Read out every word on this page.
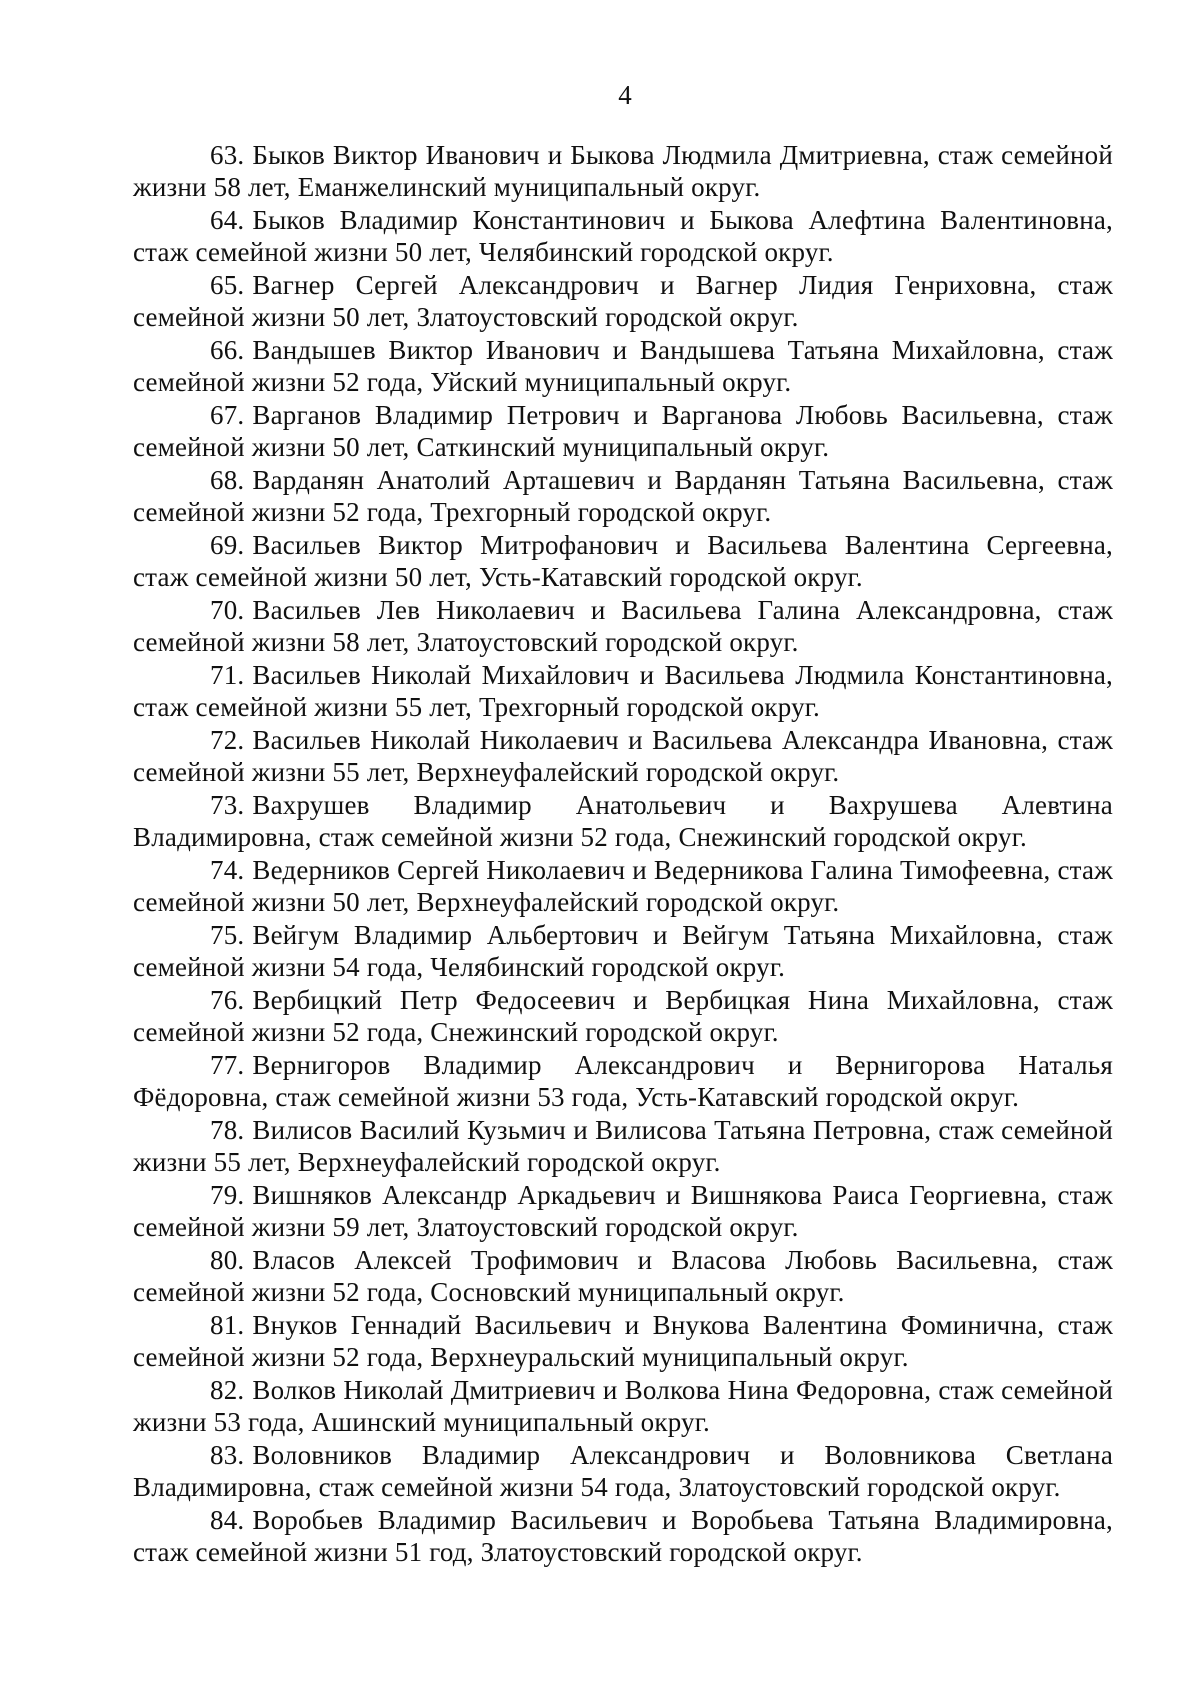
4

63. Быков Виктор Иванович и Быкова Людмила Дмитриевна, стаж семейной жизни 58 лет, Еманжелинский муниципальный округ.

64. Быков Владимир Константинович и Быкова Алефтина Валентиновна, стаж семейной жизни 50 лет, Челябинский городской округ.

65. Вагнер Сергей Александрович и Вагнер Лидия Генриховна, стаж семейной жизни 50 лет, Златоустовский городской округ.

66. Вандышев Виктор Иванович и Вандышева Татьяна Михайловна, стаж семейной жизни 52 года, Уйский муниципальный округ.

67. Варганов Владимир Петрович и Варганова Любовь Васильевна, стаж семейной жизни 50 лет, Саткинский муниципальный округ.

68. Варданян Анатолий Арташевич и Варданян Татьяна Васильевна, стаж семейной жизни 52 года, Трехгорный городской округ.

69. Васильев Виктор Митрофанович и Васильева Валентина Сергеевна, стаж семейной жизни 50 лет, Усть-Катавский городской округ.

70. Васильев Лев Николаевич и Васильева Галина Александровна, стаж семейной жизни 58 лет, Златоустовский городской округ.

71. Васильев Николай Михайлович и Васильева Людмила Константиновна, стаж семейной жизни 55 лет, Трехгорный городской округ.

72. Васильев Николай Николаевич и Васильева Александра Ивановна, стаж семейной жизни 55 лет, Верхнеуфалейский городской округ.

73. Вахрушев Владимир Анатольевич и Вахрушева Алевтина Владимировна, стаж семейной жизни 52 года, Снежинский городской округ.

74. Ведерников Сергей Николаевич и Ведерникова Галина Тимофеевна, стаж семейной жизни 50 лет, Верхнеуфалейский городской округ.

75. Вейгум Владимир Альбертович и Вейгум Татьяна Михайловна, стаж семейной жизни 54 года, Челябинский городской округ.

76. Вербицкий Петр Федосеевич и Вербицкая Нина Михайловна, стаж семейной жизни 52 года, Снежинский городской округ.

77. Вернигоров Владимир Александрович и Вернигорова Наталья Фёдоровна, стаж семейной жизни 53 года, Усть-Катавский городской округ.

78. Вилисов Василий Кузьмич и Вилисова Татьяна Петровна, стаж семейной жизни 55 лет, Верхнеуфалейский городской округ.

79. Вишняков Александр Аркадьевич и Вишнякова Раиса Георгиевна, стаж семейной жизни 59 лет, Златоустовский городской округ.

80. Власов Алексей Трофимович и Власова Любовь Васильевна, стаж семейной жизни 52 года, Сосновский муниципальный округ.

81. Внуков Геннадий Васильевич и Внукова Валентина Фоминична, стаж семейной жизни 52 года, Верхнеуральский муниципальный округ.

82. Волков Николай Дмитриевич и Волкова Нина Федоровна, стаж семейной жизни 53 года, Ашинский муниципальный округ.

83. Воловников Владимир Александрович и Воловникова Светлана Владимировна, стаж семейной жизни 54 года, Златоустовский городской округ.

84. Воробьев Владимир Васильевич и Воробьева Татьяна Владимировна, стаж семейной жизни 51 год, Златоустовский городской округ.
